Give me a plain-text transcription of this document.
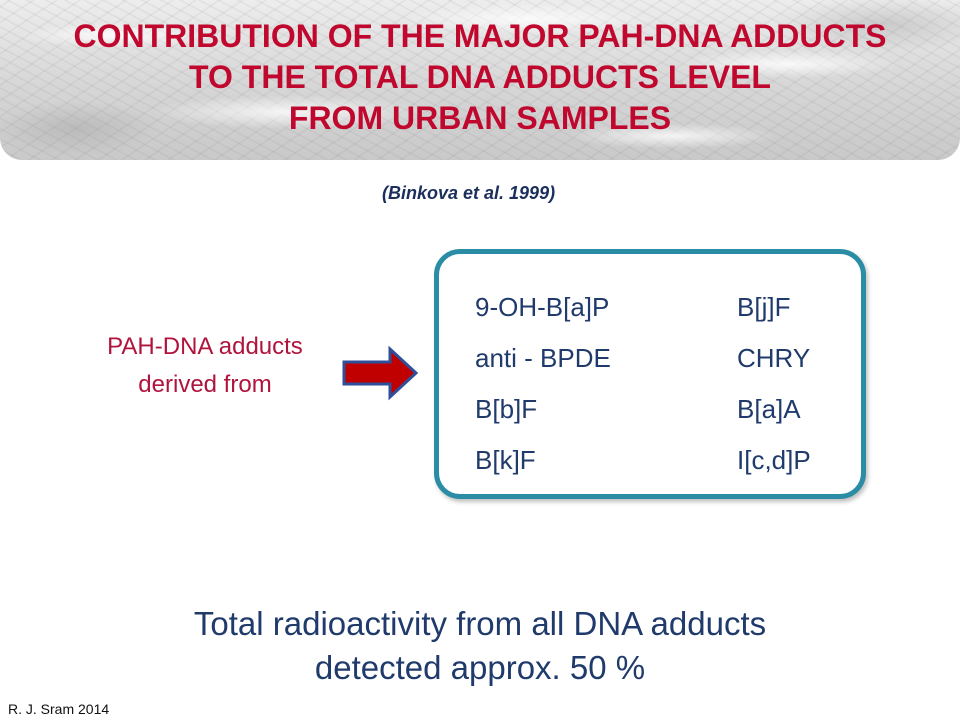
CONTRIBUTION OF THE MAJOR PAH-DNA ADDUCTS
TO THE TOTAL DNA ADDUCTS LEVEL
FROM URBAN SAMPLES
(Binkova et al. 1999)
PAH-DNA adducts
derived from
9-OH-B[a]P
anti - BPDE
B[b]F
B[k]F
B[j]F
CHRY
B[a]A
I[c,d]P
Total radioactivity from all DNA adducts
detected approx. 50 %
R. J. Sram 2014
